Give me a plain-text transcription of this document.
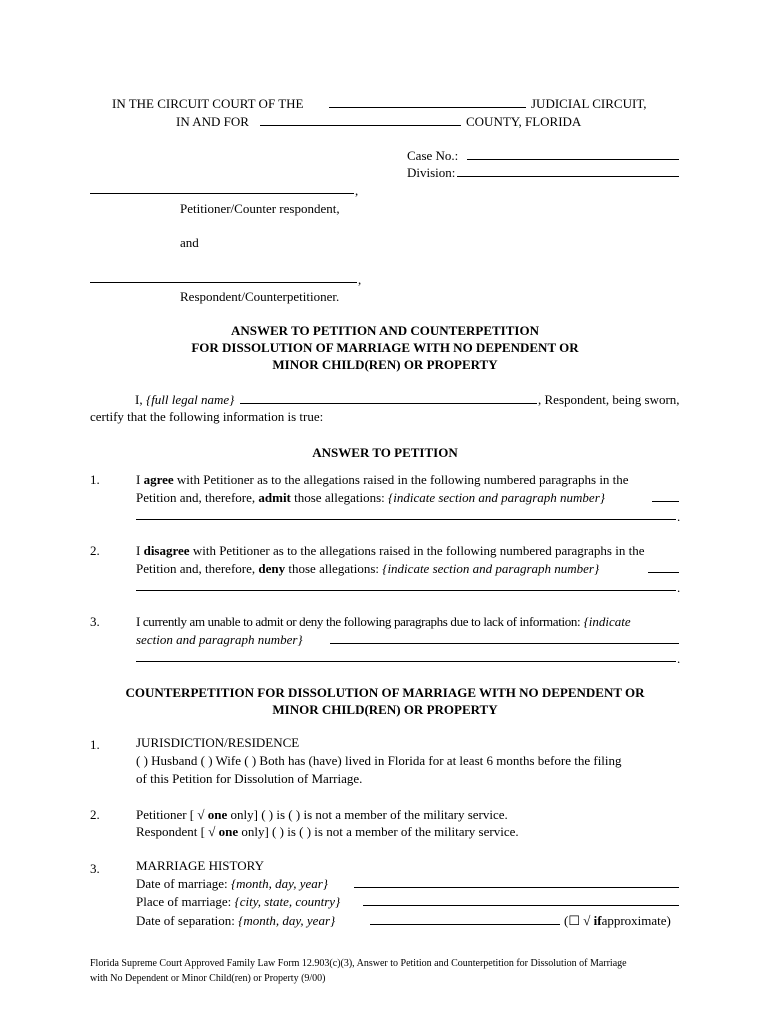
IN THE CIRCUIT COURT OF THE	JUDICIAL CIRCUIT,
IN AND FOR	COUNTY, FLORIDA
Case No.:
Division:
,
Petitioner/Counter respondent,
and
,
Respondent/Counterpetitioner.
ANSWER TO PETITION AND COUNTERPETITION
FOR DISSOLUTION OF MARRIAGE WITH NO DEPENDENT OR
MINOR CHILD(REN) OR PROPERTY
I, {full legal name}	, Respondent, being sworn,
certify that the following information is true:
ANSWER TO PETITION
1.	I agree with Petitioner as to the allegations raised in the following numbered paragraphs in the
Petition and, therefore, admit those allegations: {indicate section and paragraph number}
.
2.	I disagree with Petitioner as to the allegations raised in the following numbered paragraphs in the
Petition and, therefore, deny those allegations: {indicate section and paragraph number}
.
3.	I currently am unable to admit or deny the following paragraphs due to lack of information: {indicate
section and paragraph number}
.
COUNTERPETITION FOR DISSOLUTION OF MARRIAGE WITH NO DEPENDENT OR
MINOR CHILD(REN) OR PROPERTY
1.	JURISDICTION/RESIDENCE
( ) Husband ( ) Wife ( ) Both has (have) lived in Florida for at least 6 months before the filing
of this Petition for Dissolution of Marriage.
2.	Petitioner [ √ one only] ( ) is ( ) is not a member of the military service.
Respondent [ √ one only] ( ) is ( ) is not a member of the military service.
3.	MARRIAGE HISTORY
Date of marriage: {month, day, year}
Place of marriage: {city, state, country}
Date of separation: {month, day, year}	(☐ √ ifapproximate)
Florida Supreme Court Approved Family Law Form 12.903(c)(3), Answer to Petition and Counterpetition for Dissolution of Marriage
with No Dependent or Minor Child(ren) or Property (9/00)
